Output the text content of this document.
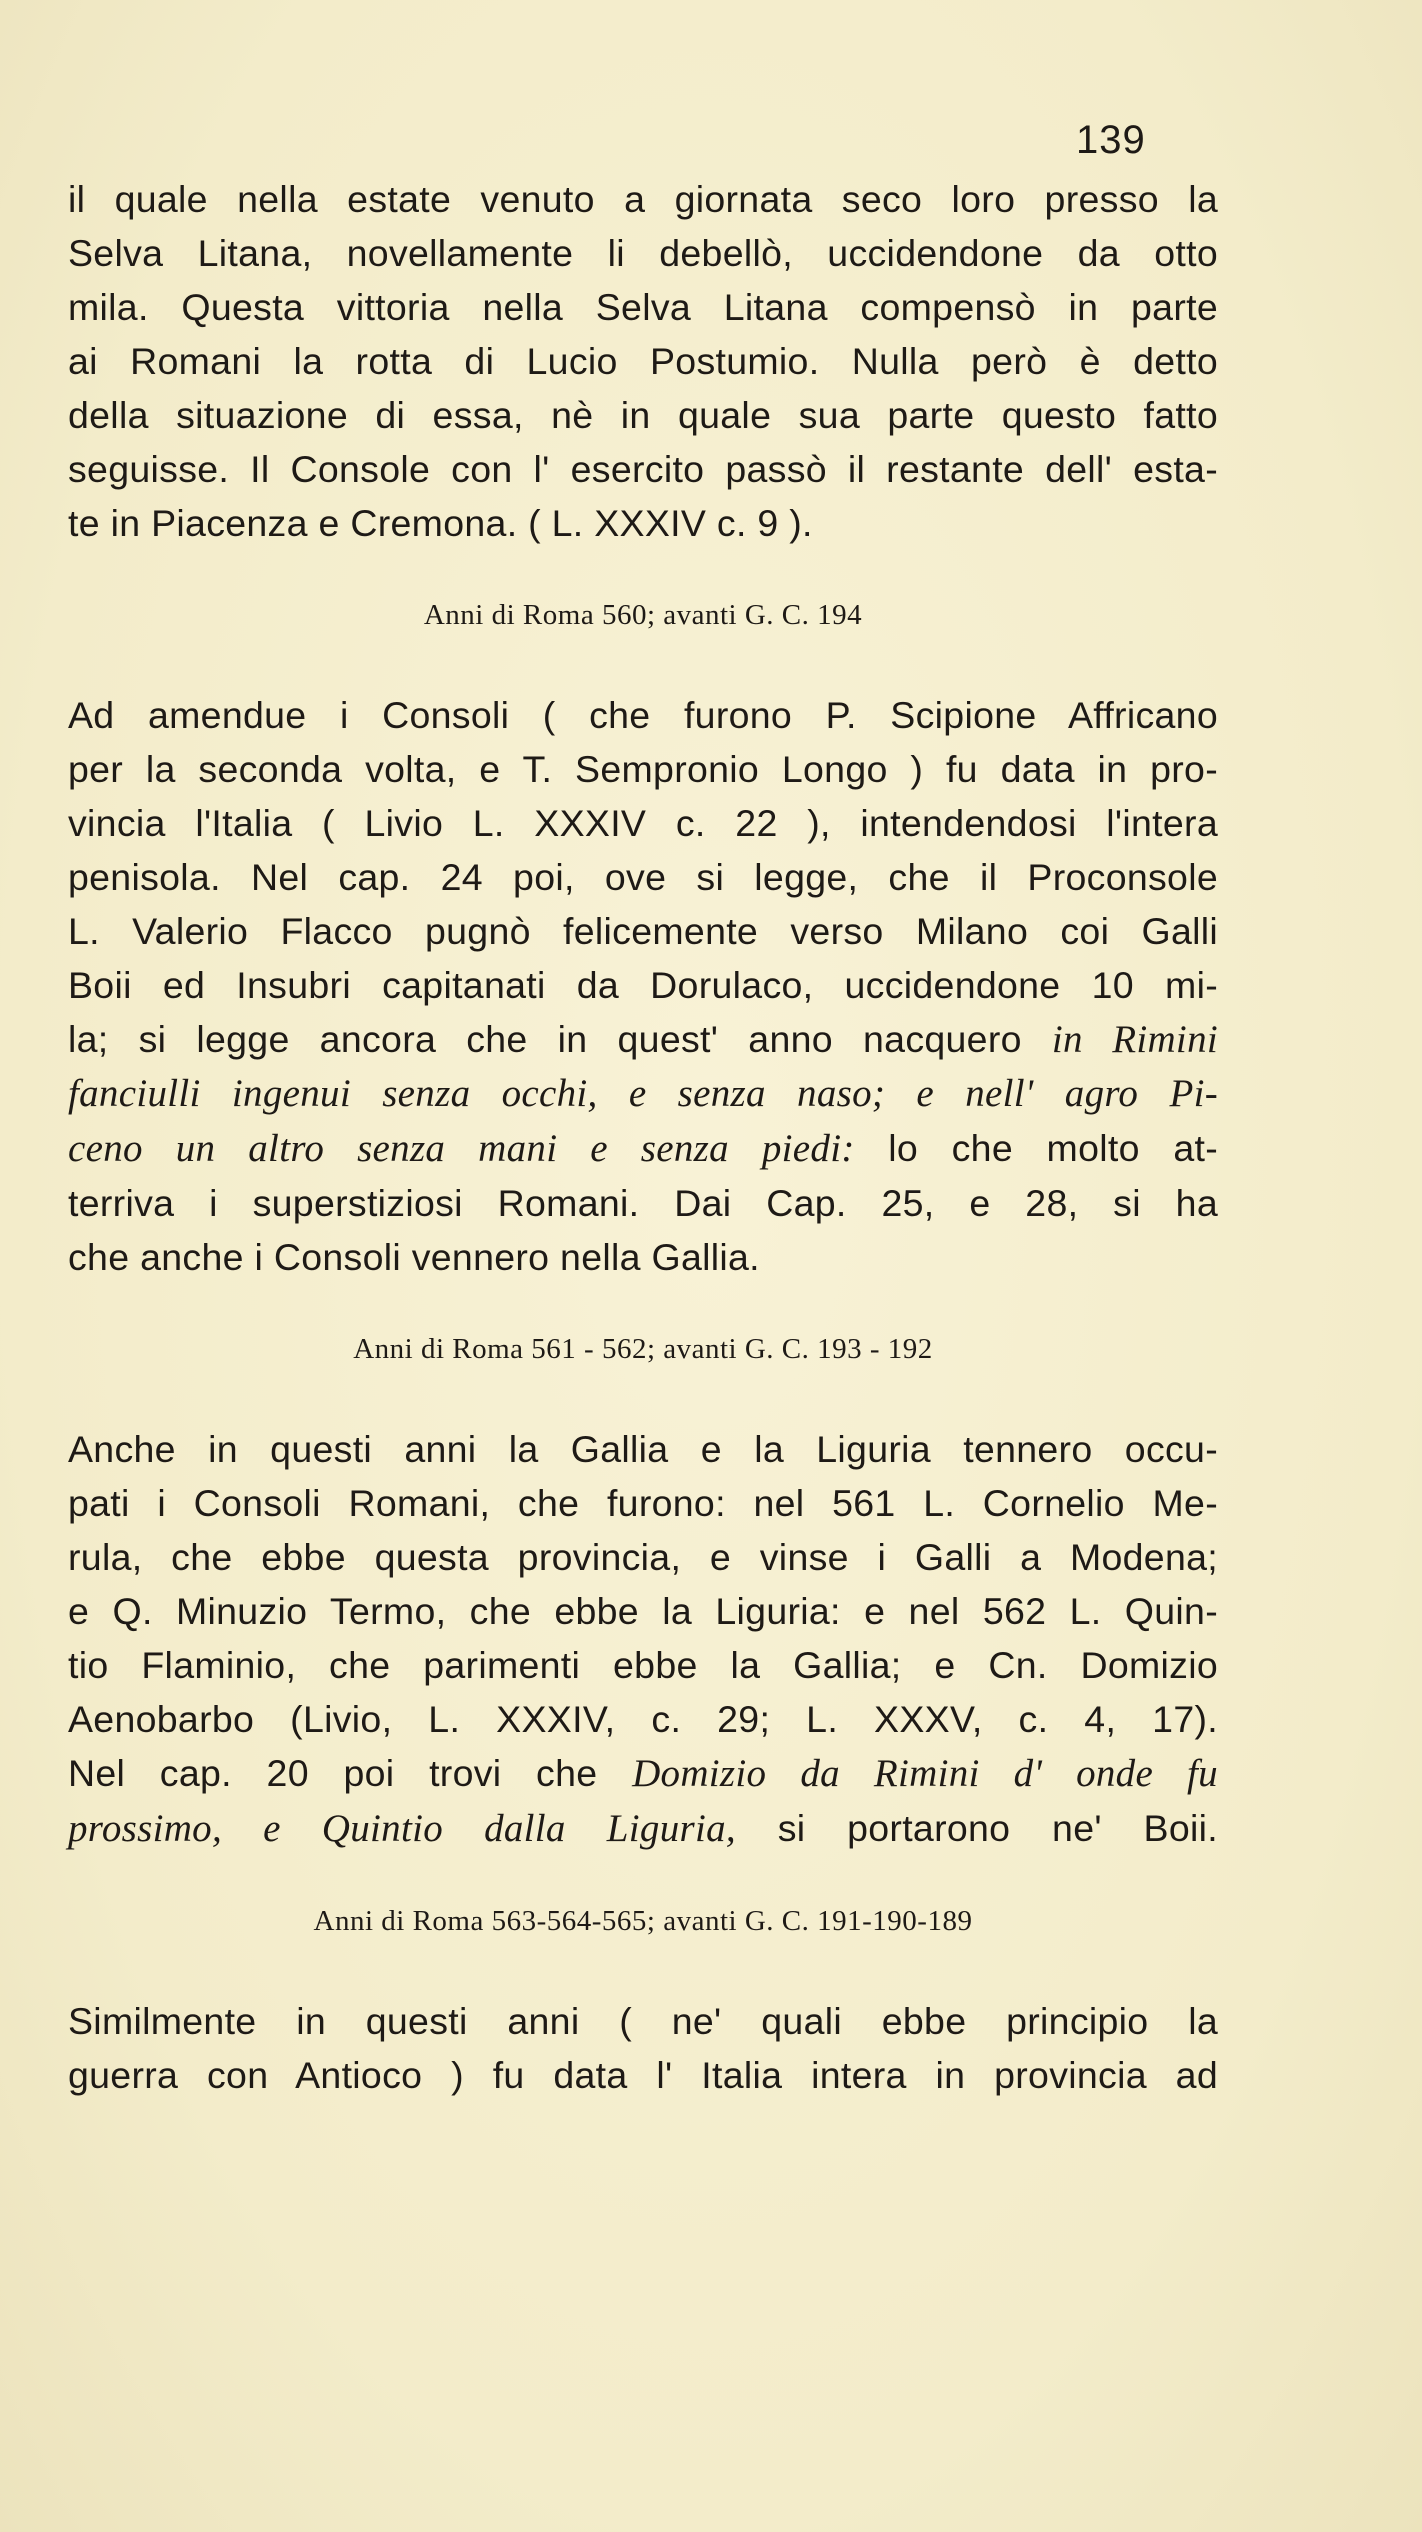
139
il quale nella estate venuto a giornata seco loro presso la
Selva Litana, novellamente li debellò, uccidendone da otto
mila. Questa vittoria nella Selva Litana compensò in parte
ai Romani la rotta di Lucio Postumio. Nulla però è detto
della situazione di essa, nè in quale sua parte questo fatto
seguisse. Il Console con l' esercito passò il restante dell' esta-
te in Piacenza e Cremona. ( L. XXXIV c. 9 ).
Anni di Roma 560; avanti G. C. 194
Ad amendue i Consoli ( che furono P. Scipione Affricano
per la seconda volta, e T. Sempronio Longo ) fu data in pro-
vincia l'Italia ( Livio L. XXXIV c. 22 ), intendendosi l'intera
penisola. Nel cap. 24 poi, ove si legge, che il Proconsole
L. Valerio Flacco pugnò felicemente verso Milano coi Galli
Boii ed Insubri capitanati da Dorulaco, uccidendone 10 mi-
la; si legge ancora che in quest' anno nacquero in Rimini
fanciulli ingenui senza occhi, e senza naso; e nell' agro Pi-
ceno un altro senza mani e senza piedi: lo che molto at-
terriva i superstiziosi Romani. Dai Cap. 25, e 28, si ha
che anche i Consoli vennero nella Gallia.
Anni di Roma 561 - 562; avanti G. C. 193 - 192
Anche in questi anni la Gallia e la Liguria tennero occu-
pati i Consoli Romani, che furono: nel 561 L. Cornelio Me-
rula, che ebbe questa provincia, e vinse i Galli a Modena;
e Q. Minuzio Termo, che ebbe la Liguria: e nel 562 L. Quin-
tio Flaminio, che parimenti ebbe la Gallia; e Cn. Domizio
Aenobarbo (Livio, L. XXXIV, c. 29; L. XXXV, c. 4, 17).
Nel cap. 20 poi trovi che Domizio da Rimini d' onde fu
prossimo, e Quintio dalla Liguria, si portarono ne' Boii.
Anni di Roma 563-564-565; avanti G. C. 191-190-189
Similmente in questi anni ( ne' quali ebbe principio la
guerra con Antioco ) fu data l' Italia intera in provincia ad
